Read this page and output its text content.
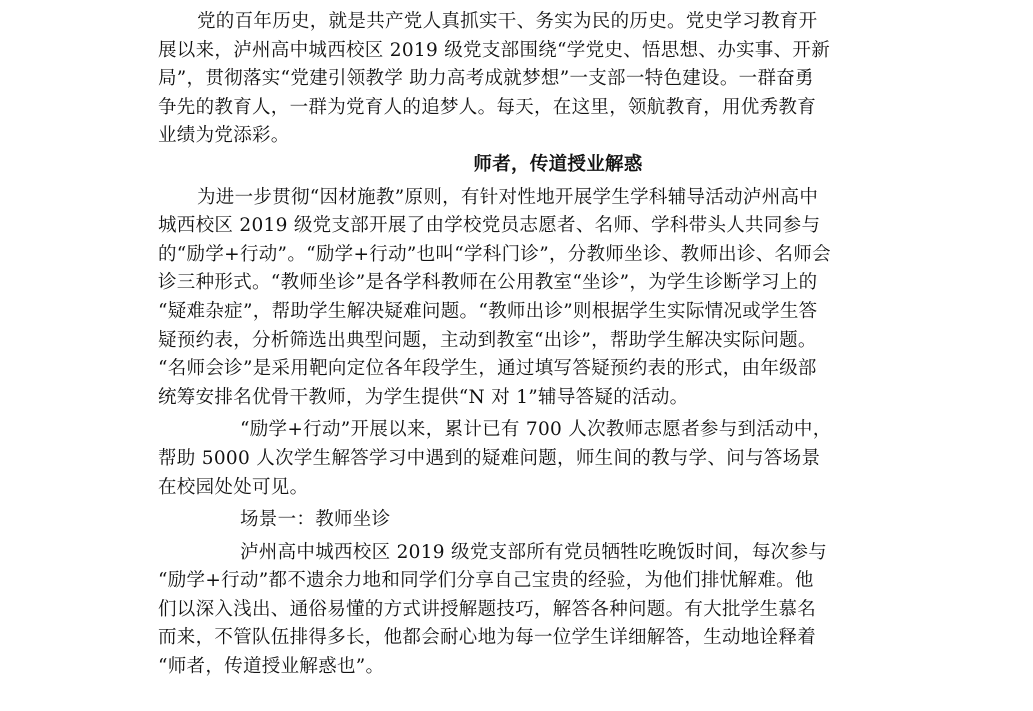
党的百年历史，就是共产党人真抓实干、务实为民的历史。党史学习教育开
展以来，泸州高中城西校区 2019 级党支部围绕“学党史、悟思想、办实事、开新
局”，贯彻落实“党建引领教学 助力高考成就梦想”一支部一特色建设。一群奋勇
争先的教育人，一群为党育人的追梦人。每天，在这里，领航教育，用优秀教育
业绩为党添彩。
师者，传道授业解惑
为进一步贯彻“因材施教”原则，有针对性地开展学生学科辅导活动泸州高中
城西校区 2019 级党支部开展了由学校党员志愿者、名师、学科带头人共同参与
的“励学+行动”。“励学+行动”也叫“学科门诊”，分教师坐诊、教师出诊、名师会
诊三种形式。“教师坐诊”是各学科教师在公用教室“坐诊”，为学生诊断学习上的
“疑难杂症”，帮助学生解决疑难问题。“教师出诊”则根据学生实际情况或学生答
疑预约表，分析筛选出典型问题，主动到教室“出诊”，帮助学生解决实际问题。
“名师会诊”是采用靶向定位各年段学生，通过填写答疑预约表的形式，由年级部
统筹安排名优骨干教师，为学生提供“N 对 1”辅导答疑的活动。
“励学+行动”开展以来，累计已有 700 人次教师志愿者参与到活动中，
帮助 5000 人次学生解答学习中遇到的疑难问题，师生间的教与学、问与答场景
在校园处处可见。
场景一：教师坐诊
泸州高中城西校区 2019 级党支部所有党员牺牲吃晚饭时间，每次参与
“励学+行动”都不遗余力地和同学们分享自己宝贵的经验，为他们排忧解难。他
们以深入浅出、通俗易懂的方式讲授解题技巧，解答各种问题。有大批学生慕名
而来，不管队伍排得多长，他都会耐心地为每一位学生详细解答，生动地诠释着
“师者，传道授业解惑也”。
